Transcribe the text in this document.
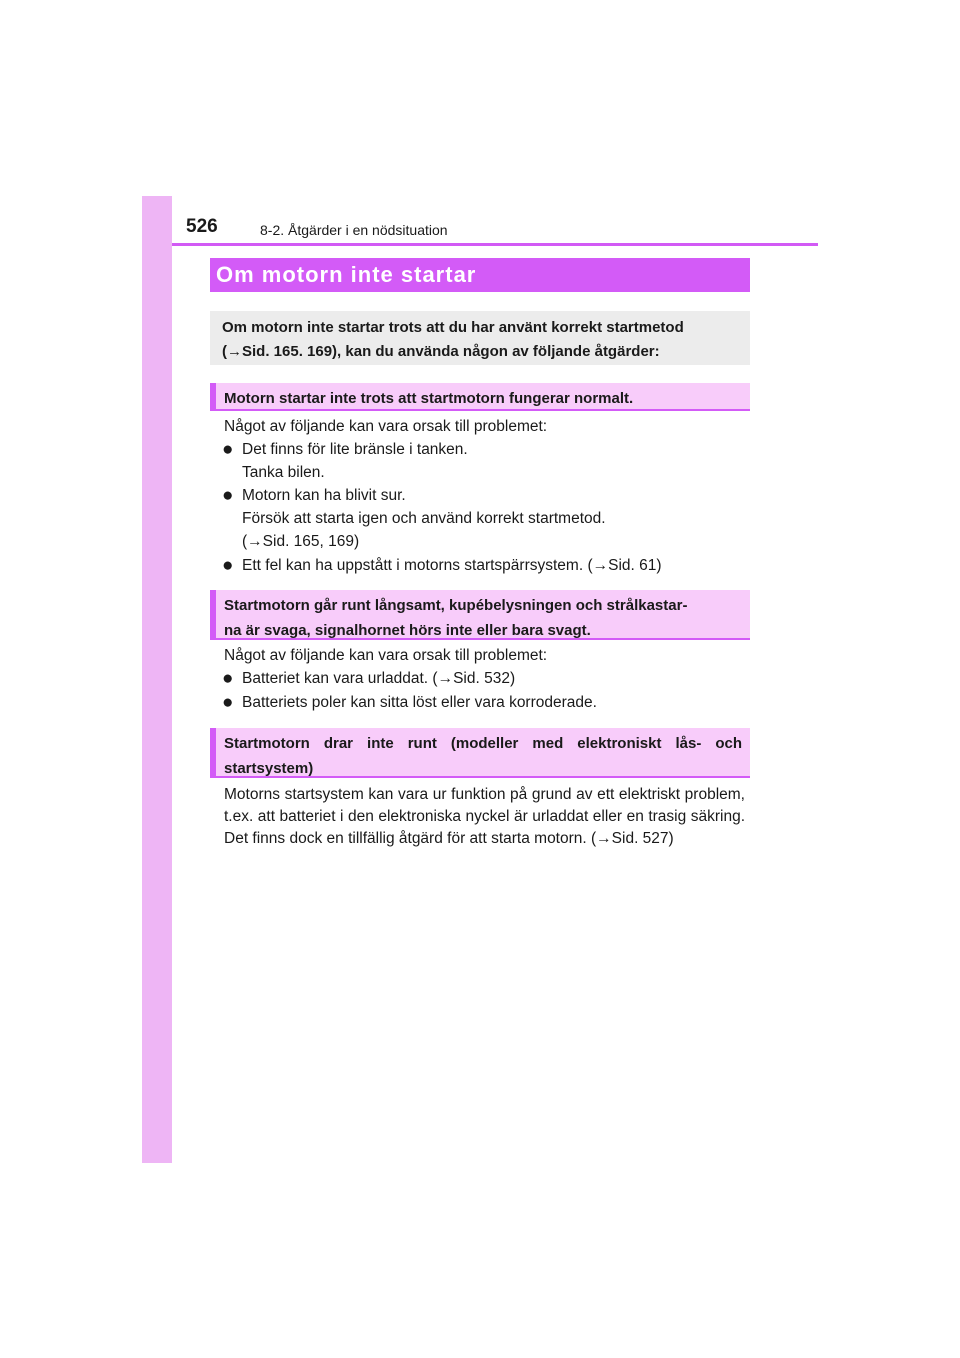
526	8-2. Åtgärder i en nödsituation
Om motorn inte startar
Om motorn inte startar trots att du har använt korrekt startmetod
(→Sid. 165. 169), kan du använda någon av följande åtgärder:
Motorn startar inte trots att startmotorn fungerar normalt.
Något av följande kan vara orsak till problemet:
● Det finns för lite bränsle i tanken.
Tanka bilen.
● Motorn kan ha blivit sur.
Försök att starta igen och använd korrekt startmetod.
(→Sid. 165, 169)
● Ett fel kan ha uppstått i motorns startspärrsystem. (→Sid. 61)
Startmotorn går runt långsamt, kupébelysningen och strålkastar-
na är svaga, signalhornet hörs inte eller bara svagt.
Något av följande kan vara orsak till problemet:
● Batteriet kan vara urladdat. (→Sid. 532)
● Batteriets poler kan sitta löst eller vara korroderade.
Startmotorn drar inte runt (modeller med elektroniskt lås- och
startsystem)
Motorns startsystem kan vara ur funktion på grund av ett elektriskt problem, t.ex. att batteriet i den elektroniska nyckel är urladdat eller en trasig säkring. Det finns dock en tillfällig åtgärd för att starta motorn. (→Sid. 527)
